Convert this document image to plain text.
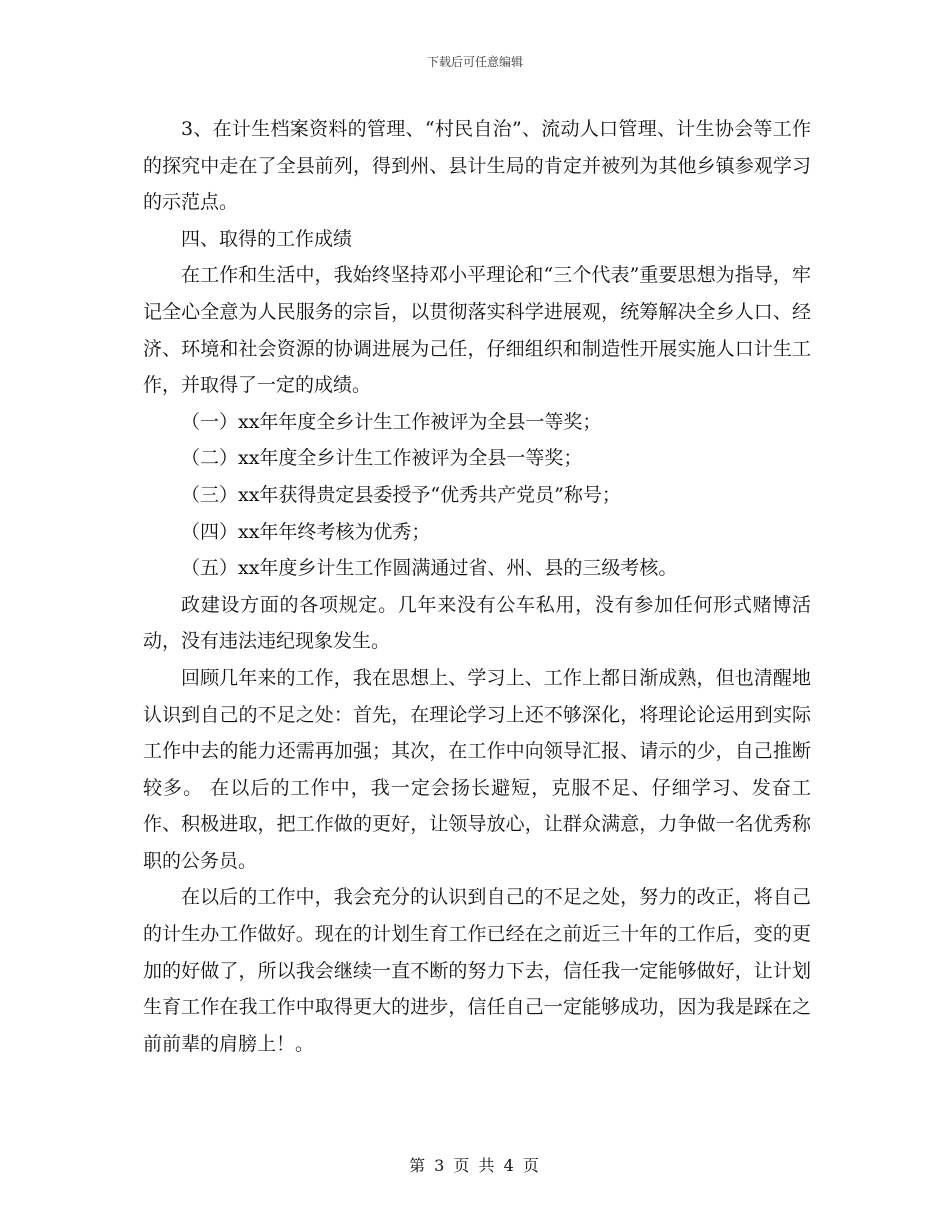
下载后可任意编辑

3、在计生档案资料的管理、“村民自治”、流动人口管理、计生协会等工作的探究中走在了全县前列，得到州、县计生局的肯定并被列为其他乡镇参观学习的示范点。

四、取得的工作成绩

在工作和生活中，我始终坚持邓小平理论和“三个代表”重要思想为指导，牢记全心全意为人民服务的宗旨，以贯彻落实科学进展观，统筹解决全乡人口、经济、环境和社会资源的协调进展为己任，仔细组织和制造性开展实施人口计生工作，并取得了一定的成绩。

（一）xx年年度全乡计生工作被评为全县一等奖；

（二）xx年度全乡计生工作被评为全县一等奖；

（三）xx年获得贵定县委授予“优秀共产党员”称号；

（四）xx年年终考核为优秀；

（五）xx年度乡计生工作圆满通过省、州、县的三级考核。

政建设方面的各项规定。几年来没有公车私用，没有参加任何形式赌博活动，没有违法违纪现象发生。

回顾几年来的工作，我在思想上、学习上、工作上都日渐成熟，但也清醒地认识到自己的不足之处：首先，在理论学习上还不够深化，将理论论运用到实际工作中去的能力还需再加强；其次，在工作中向领导汇报、请示的少，自己推断较多。 在以后的工作中，我一定会扬长避短，克服不足、仔细学习、发奋工作、积极进取，把工作做的更好，让领导放心，让群众满意，力争做一名优秀称职的公务员。

在以后的工作中，我会充分的认识到自己的不足之处，努力的改正，将自己的计生办工作做好。现在的计划生育工作已经在之前近三十年的工作后，变的更加的好做了，所以我会继续一直不断的努力下去，信任我一定能够做好，让计划生育工作在我工作中取得更大的进步，信任自己一定能够成功，因为我是踩在之前前辈的肩膀上！。

第 3 页 共 4 页
